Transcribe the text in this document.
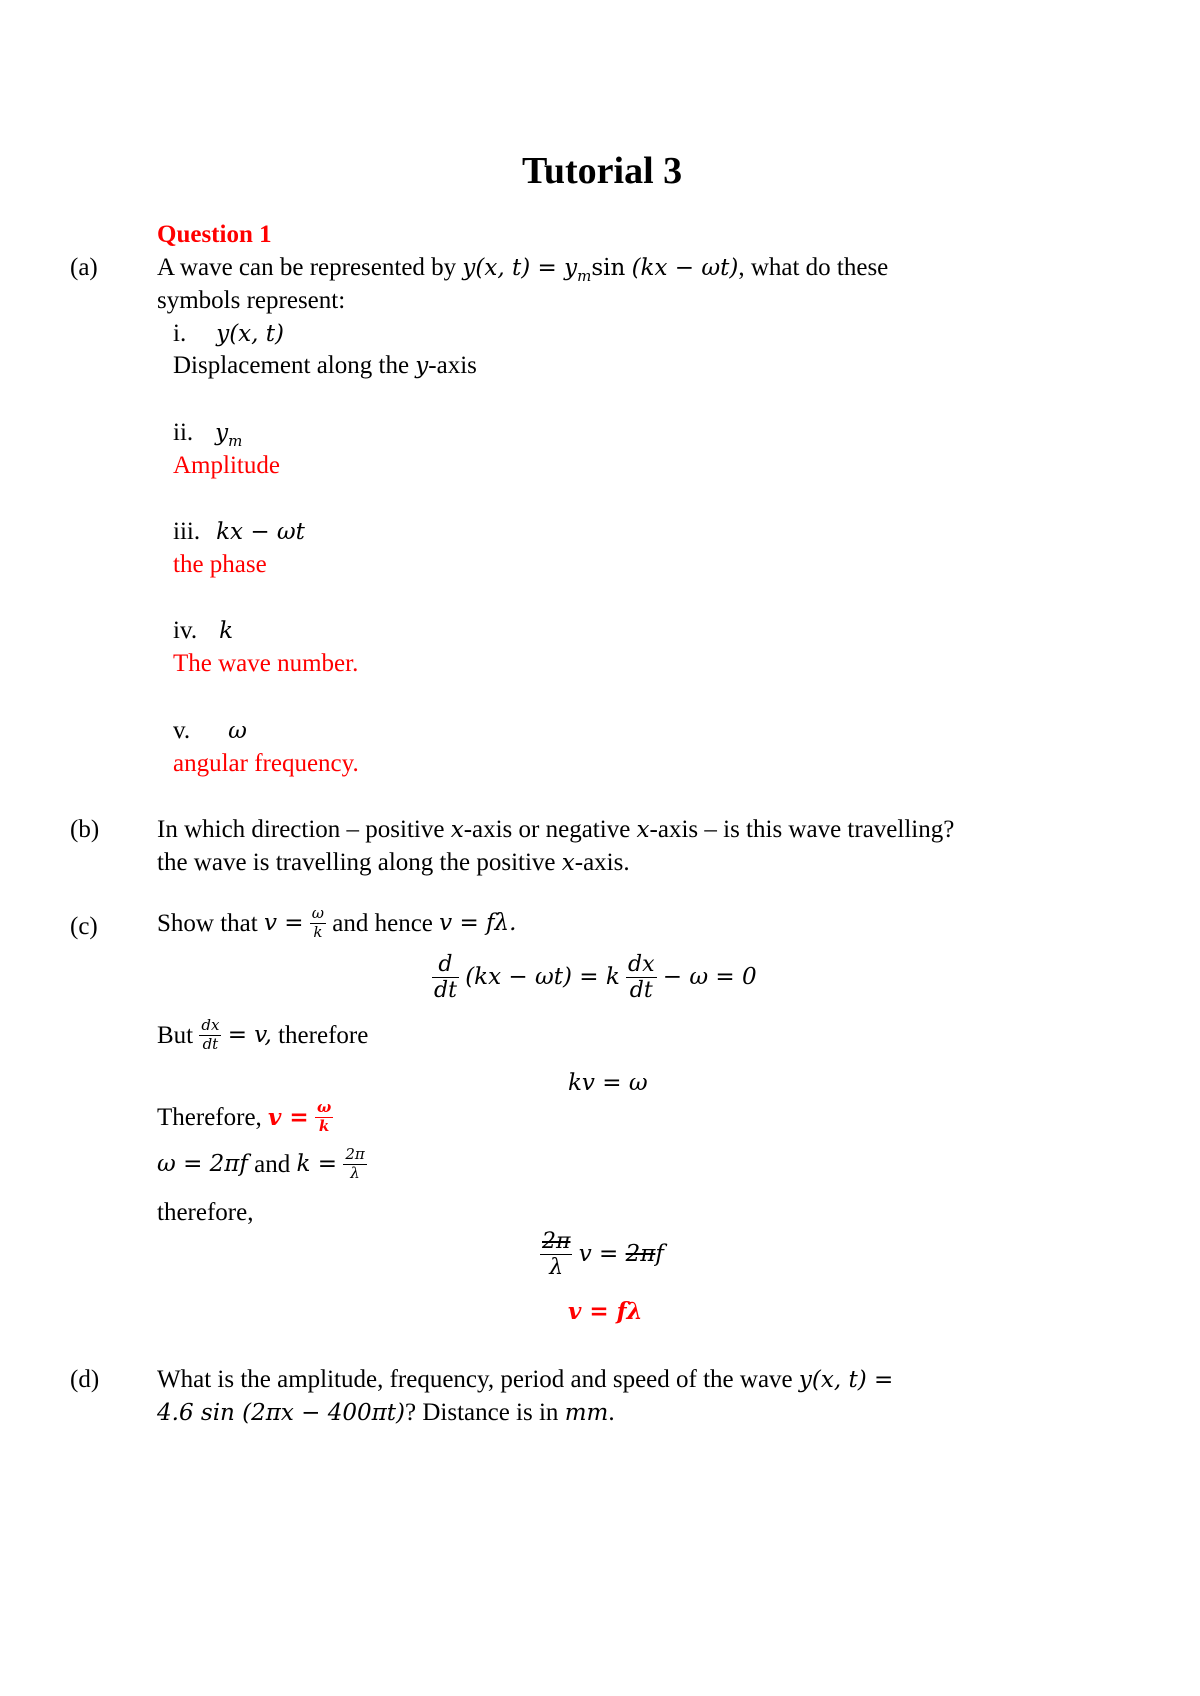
Tutorial 3
Question 1
(a) A wave can be represented by y(x, $t) = y_m\sin$ (kx − ωt), what do these
symbols represent:
i. y(x, t)
Displacement along the y-axis
ii. $y_m$
Amplitude
iii. kx − ωt
the phase
iv. k
The wave number.
v. ω
angular frequency.
(b) In which direction – positive x-axis or negative x-axis – is this wave travelling?
the wave is travelling along the positive x-axis.
(c) Show that $v = \frac{\omega}{k}$ and hence v = fλ.
$\frac{d}{dt} (kx - \omega t) = k \frac{dx}{dt} - \omega = 0$
But $\frac{dx}{dt} = v$, therefore
kv = ω
Therefore, $v = \frac{\omega}{k}$
ω = 2πf and $k = \frac{2\pi}{\lambda}$
therefore,
$\frac{2\pi}{\lambda}$ v = 2πf
v = fλ
(d) What is the amplitude, frequency, period and speed of the wave y(x, t) =
4.6 sin (2πx − 400πt)? Distance is in mm.
